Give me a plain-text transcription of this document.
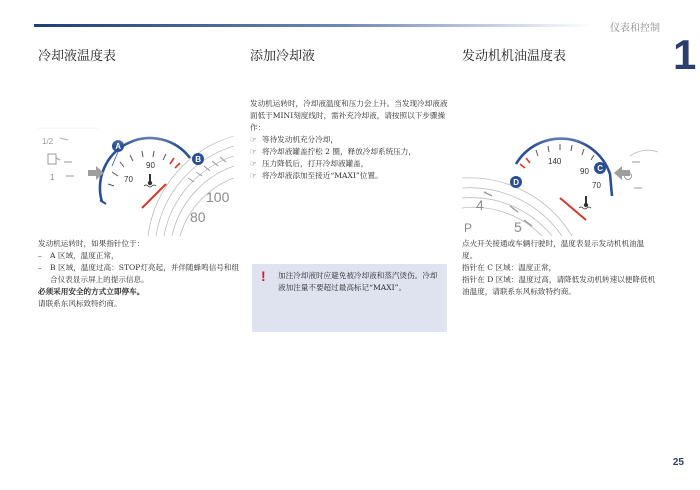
仪表和控制
1
25
冷却液温度表
发动机运转时，如果指针位于：
–	A 区域，温度正常，
–	B 区域，温度过高：STOP灯亮起，并伴随蜂鸣信号和组合仪表显示屏上的提示信息。
必须采用安全的方式立即停车。
请联系东风标致特约商。
添加冷却液
发动机运转时，冷却液温度和压力会上升。当发现冷却液液面低于MINI刻度线时，需补充冷却液，请按照以下步骤操作：
☞ 等待发动机充分冷却，
☞ 将冷却液罐盖拧松 2 圈，释放冷却系统压力，
☞ 压力降低后，打开冷却液罐盖，
☞ 将冷却液添加至接近“MAXI”位置。
! 加注冷却液时应避免被冷却液和蒸汽烫伤。冷却液加注量不要超过最高标记“MAXI”。
发动机机油温度表
点火开关接通或车辆行驶时，温度表显示发动机机油温度。
指针在 C 区域：温度正常，
指针在 D 区域：温度过高，请降低发动机转速以便降低机油温度，请联系东风标致特约商。
